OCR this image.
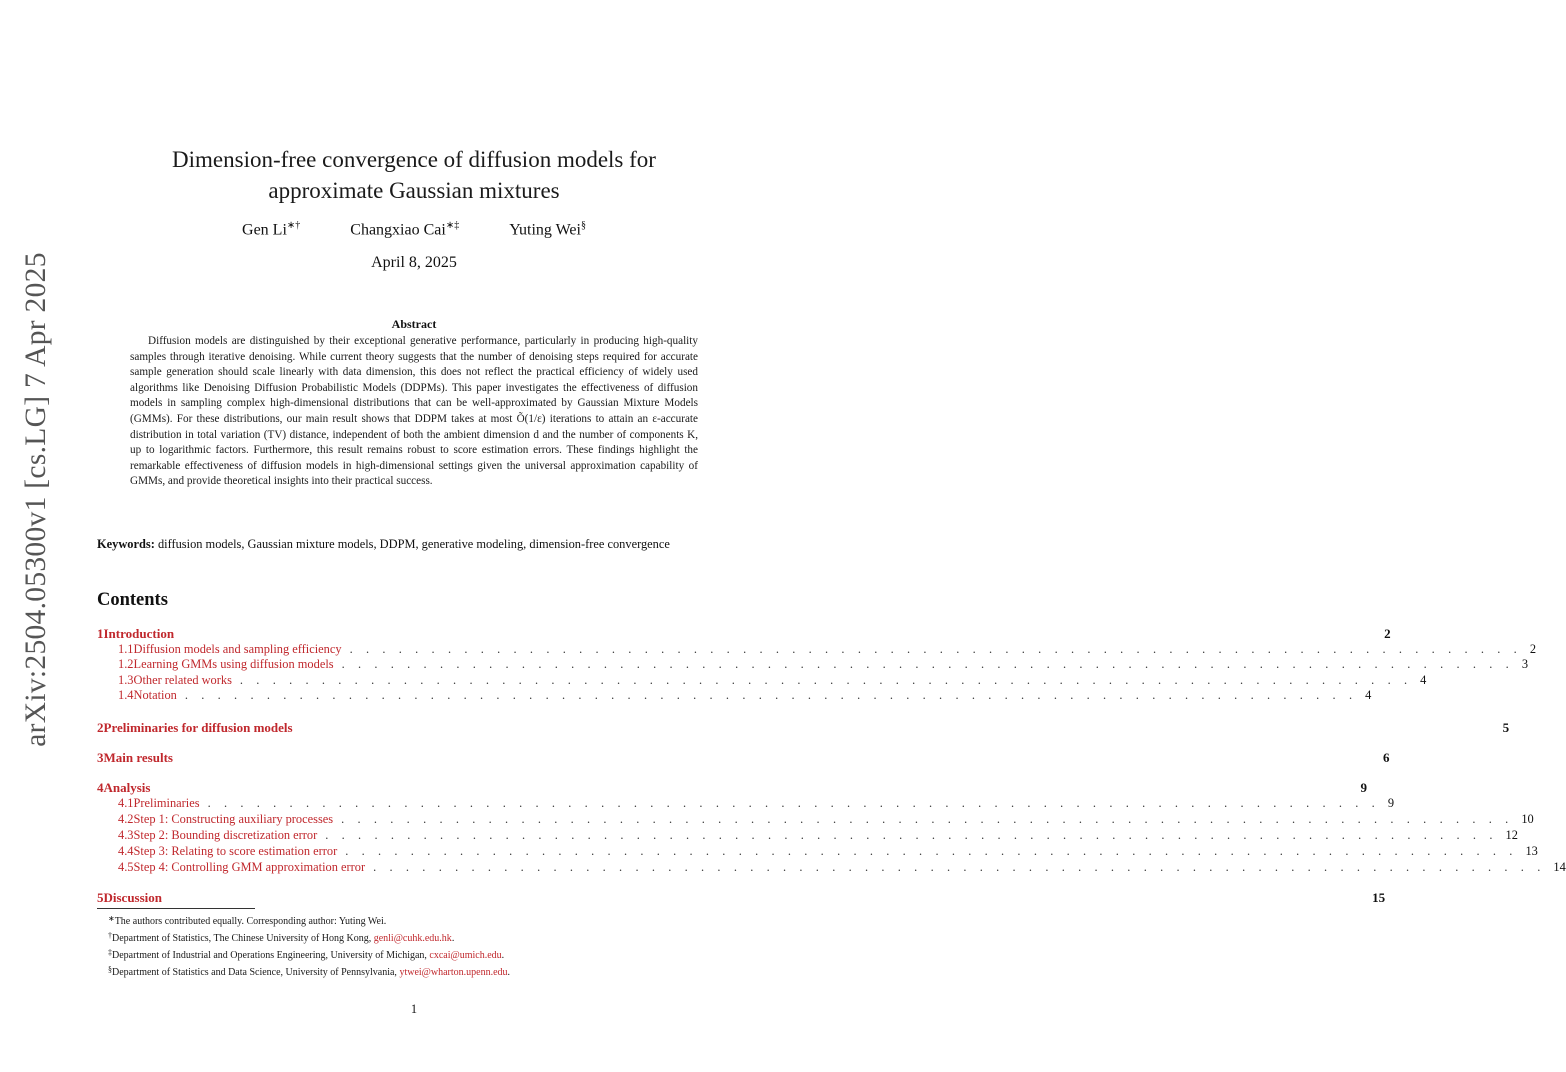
arXiv:2504.05300v1 [cs.LG] 7 Apr 2025
Dimension-free convergence of diffusion models for
approximate Gaussian mixtures
Gen Li∗†	Changxiao Cai∗‡	Yuting Wei§
April 8, 2025
Abstract

Diffusion models are distinguished by their exceptional generative performance, particularly in producing high-quality samples through iterative denoising. While current theory suggests that the number of denoising steps required for accurate sample generation should scale linearly with data dimension, this does not reflect the practical efficiency of widely used algorithms like Denoising Diffusion Probabilistic Models (DDPMs). This paper investigates the effectiveness of diffusion models in sampling complex high-dimensional distributions that can be well-approximated by Gaussian Mixture Models (GMMs). For these distributions, our main result shows that DDPM takes at most Õ(1/ε) iterations to attain an ε-accurate distribution in total variation (TV) distance, independent of both the ambient dimension d and the number of components K, up to logarithmic factors. Furthermore, this result remains robust to score estimation errors. These findings highlight the remarkable effectiveness of diffusion models in high-dimensional settings given the universal approximation capability of GMMs, and provide theoretical insights into their practical success.

Keywords: diffusion models, Gaussian mixture models, DDPM, generative modeling, dimension-free convergence
Contents
1 Introduction	2
1.1 Diffusion models and sampling efficiency . . . . . . . . . . . . . . . . . . . . . . . . . . . . . . . . . . . . . . . . . . . . . . . . . . . . . . . . . . . . . . . . . . . . . . . . 2
1.2 Learning GMMs using diffusion models . . . . . . . . . . . . . . . . . . . . . . . . . . . . . . . . . . . . . . . . . . . . . . . . . . . . . . . . . . . . . . . . . . . . . . . . 3
1.3 Other related works . . . . . . . . . . . . . . . . . . . . . . . . . . . . . . . . . . . . . . . . . . . . . . . . . . . . . . . . . . . . . . . . . . . . . . . . 4
1.4 Notation . . . . . . . . . . . . . . . . . . . . . . . . . . . . . . . . . . . . . . . . . . . . . . . . . . . . . . . . . . . . . . . . . . . . . . . . 4
2 Preliminaries for diffusion models	5
3 Main results	6
4 Analysis	9
4.1 Preliminaries . . . . . . . . . . . . . . . . . . . . . . . . . . . . . . . . . . . . . . . . . . . . . . . . . . . . . . . . . . . . . . . . . . . . . . . . 9
4.2 Step 1: Constructing auxiliary processes . . . . . . . . . . . . . . . . . . . . . . . . . . . . . . . . . . . . . . . . . . . . . . . . . . . . . . . . . . . . . . . . . . . . . . . . 10
4.3 Step 2: Bounding discretization error . . . . . . . . . . . . . . . . . . . . . . . . . . . . . . . . . . . . . . . . . . . . . . . . . . . . . . . . . . . . . . . . . . . . . . . . 12
4.4 Step 3: Relating to score estimation error . . . . . . . . . . . . . . . . . . . . . . . . . . . . . . . . . . . . . . . . . . . . . . . . . . . . . . . . . . . . . . . . . . . . . . . . 13
4.5 Step 4: Controlling GMM approximation error . . . . . . . . . . . . . . . . . . . . . . . . . . . . . . . . . . . . . . . . . . . . . . . . . . . . . . . . . . . . . . . . . . . . . . . . 14
5 Discussion	15
∗The authors contributed equally. Corresponding author: Yuting Wei.
†Department of Statistics, The Chinese University of Hong Kong, genli@cuhk.edu.hk.
‡Department of Industrial and Operations Engineering, University of Michigan, cxcai@umich.edu.
§Department of Statistics and Data Science, University of Pennsylvania, ytwei@wharton.upenn.edu.
1
